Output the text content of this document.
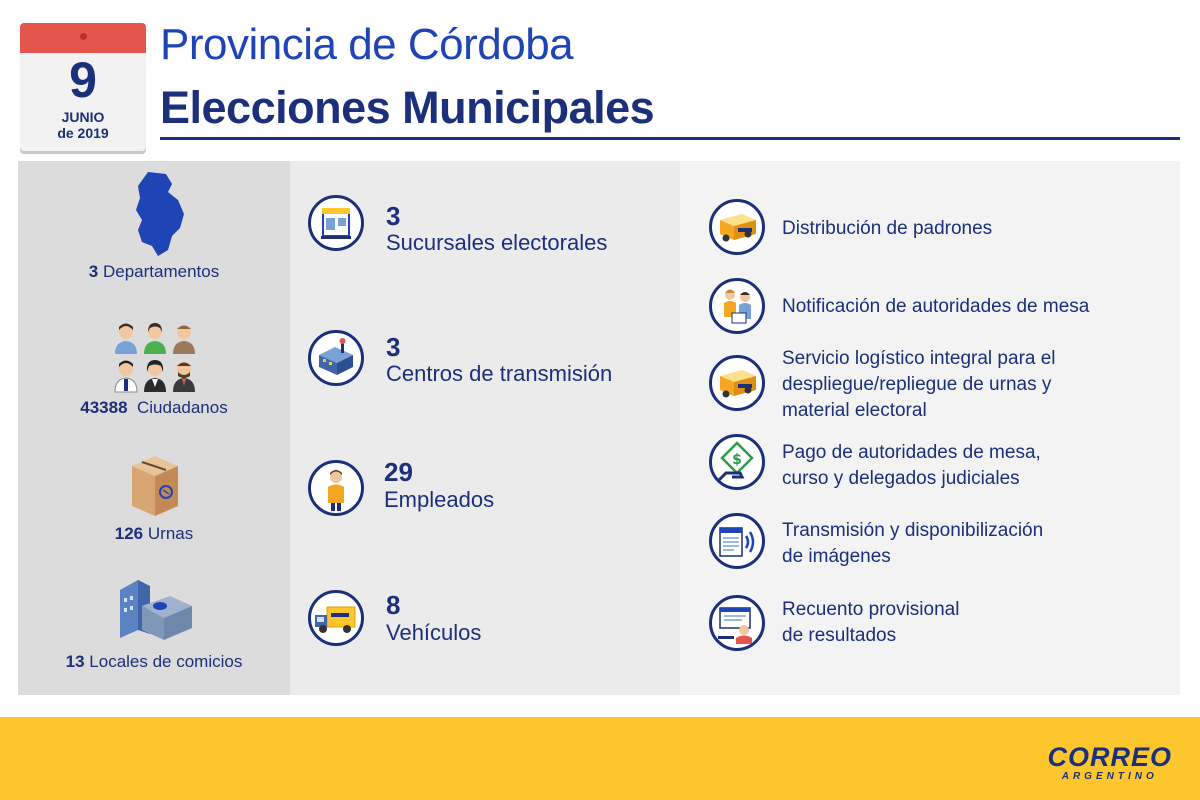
9
JUNIO
de 2019
Provincia de Córdoba
Elecciones Municipales
3 Departamentos
43388 Ciudadanos
126 Urnas
13 Locales de comicios
3
Sucursales electorales
3
Centros de transmisión
29
Empleados
8
Vehículos
Distribución de padrones
Notificación de autoridades de mesa
Servicio logístico integral para el
despliegue/repliegue de urnas y
material electoral
$ Pago de autoridades de mesa,
curso y delegados judiciales
Transmisión y disponibilización
de imágenes
Recuento provisional
de resultados
CORREO
ARGENTINO
